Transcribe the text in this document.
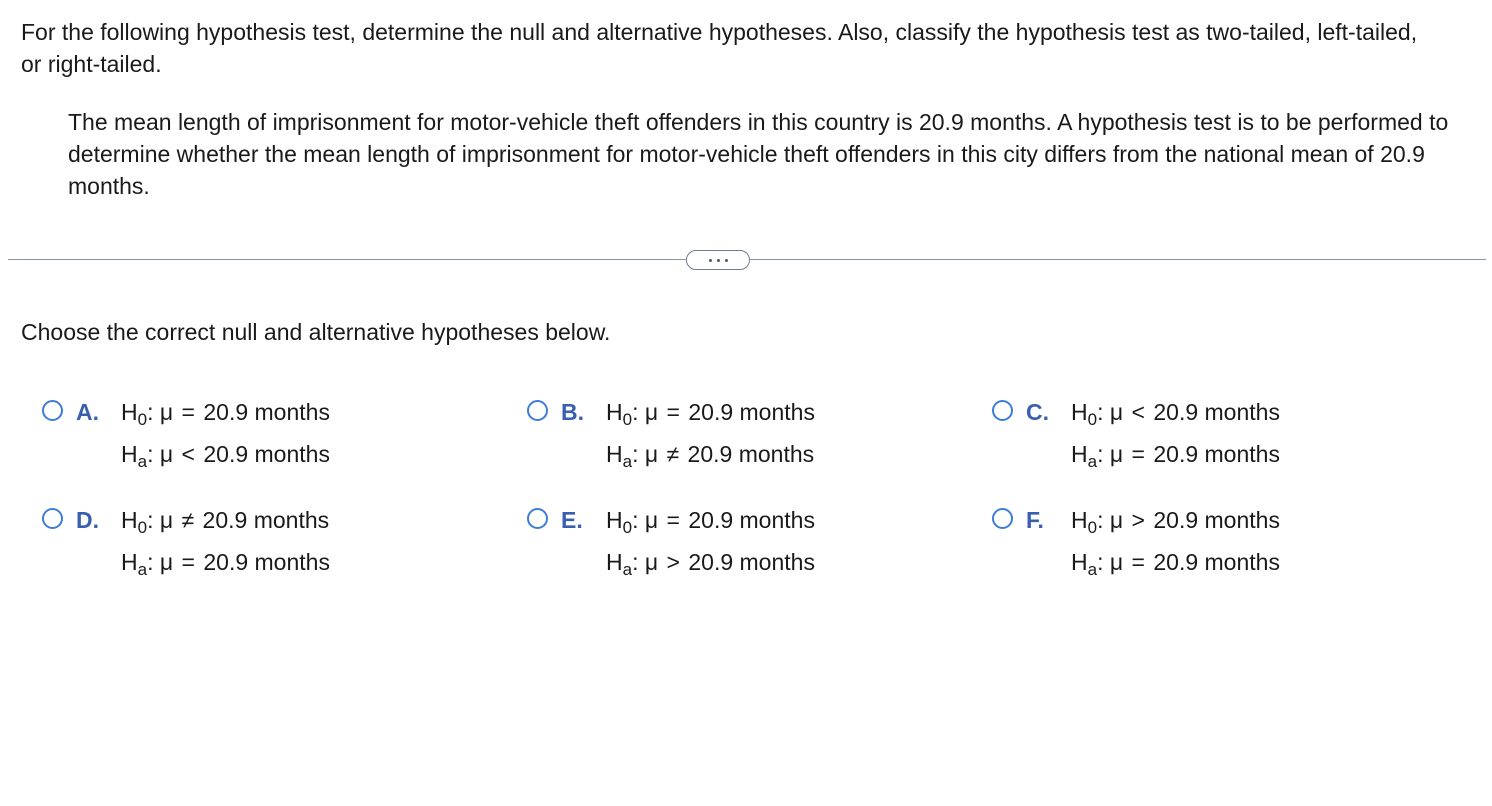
For the following hypothesis test, determine the null and alternative hypotheses. Also, classify the hypothesis test as two-tailed, left-tailed, or right-tailed.

The mean length of imprisonment for motor-vehicle theft offenders in this country is 20.9 months. A hypothesis test is to be performed to determine whether the mean length of imprisonment for motor-vehicle theft offenders in this city differs from the national mean of 20.9 months.

Choose the correct null and alternative hypotheses below.

A. $H_0$: μ = 20.9 months
$H_a$: μ < 20.9 months
B. $H_0$: μ = 20.9 months
$H_a$: μ ≠ 20.9 months
C. $H_0$: μ < 20.9 months
$H_a$: μ = 20.9 months
D. $H_0$: μ ≠ 20.9 months
$H_a$: μ = 20.9 months
E. $H_0$: μ = 20.9 months
$H_a$: μ > 20.9 months
F. $H_0$: μ > 20.9 months
$H_a$: μ = 20.9 months
